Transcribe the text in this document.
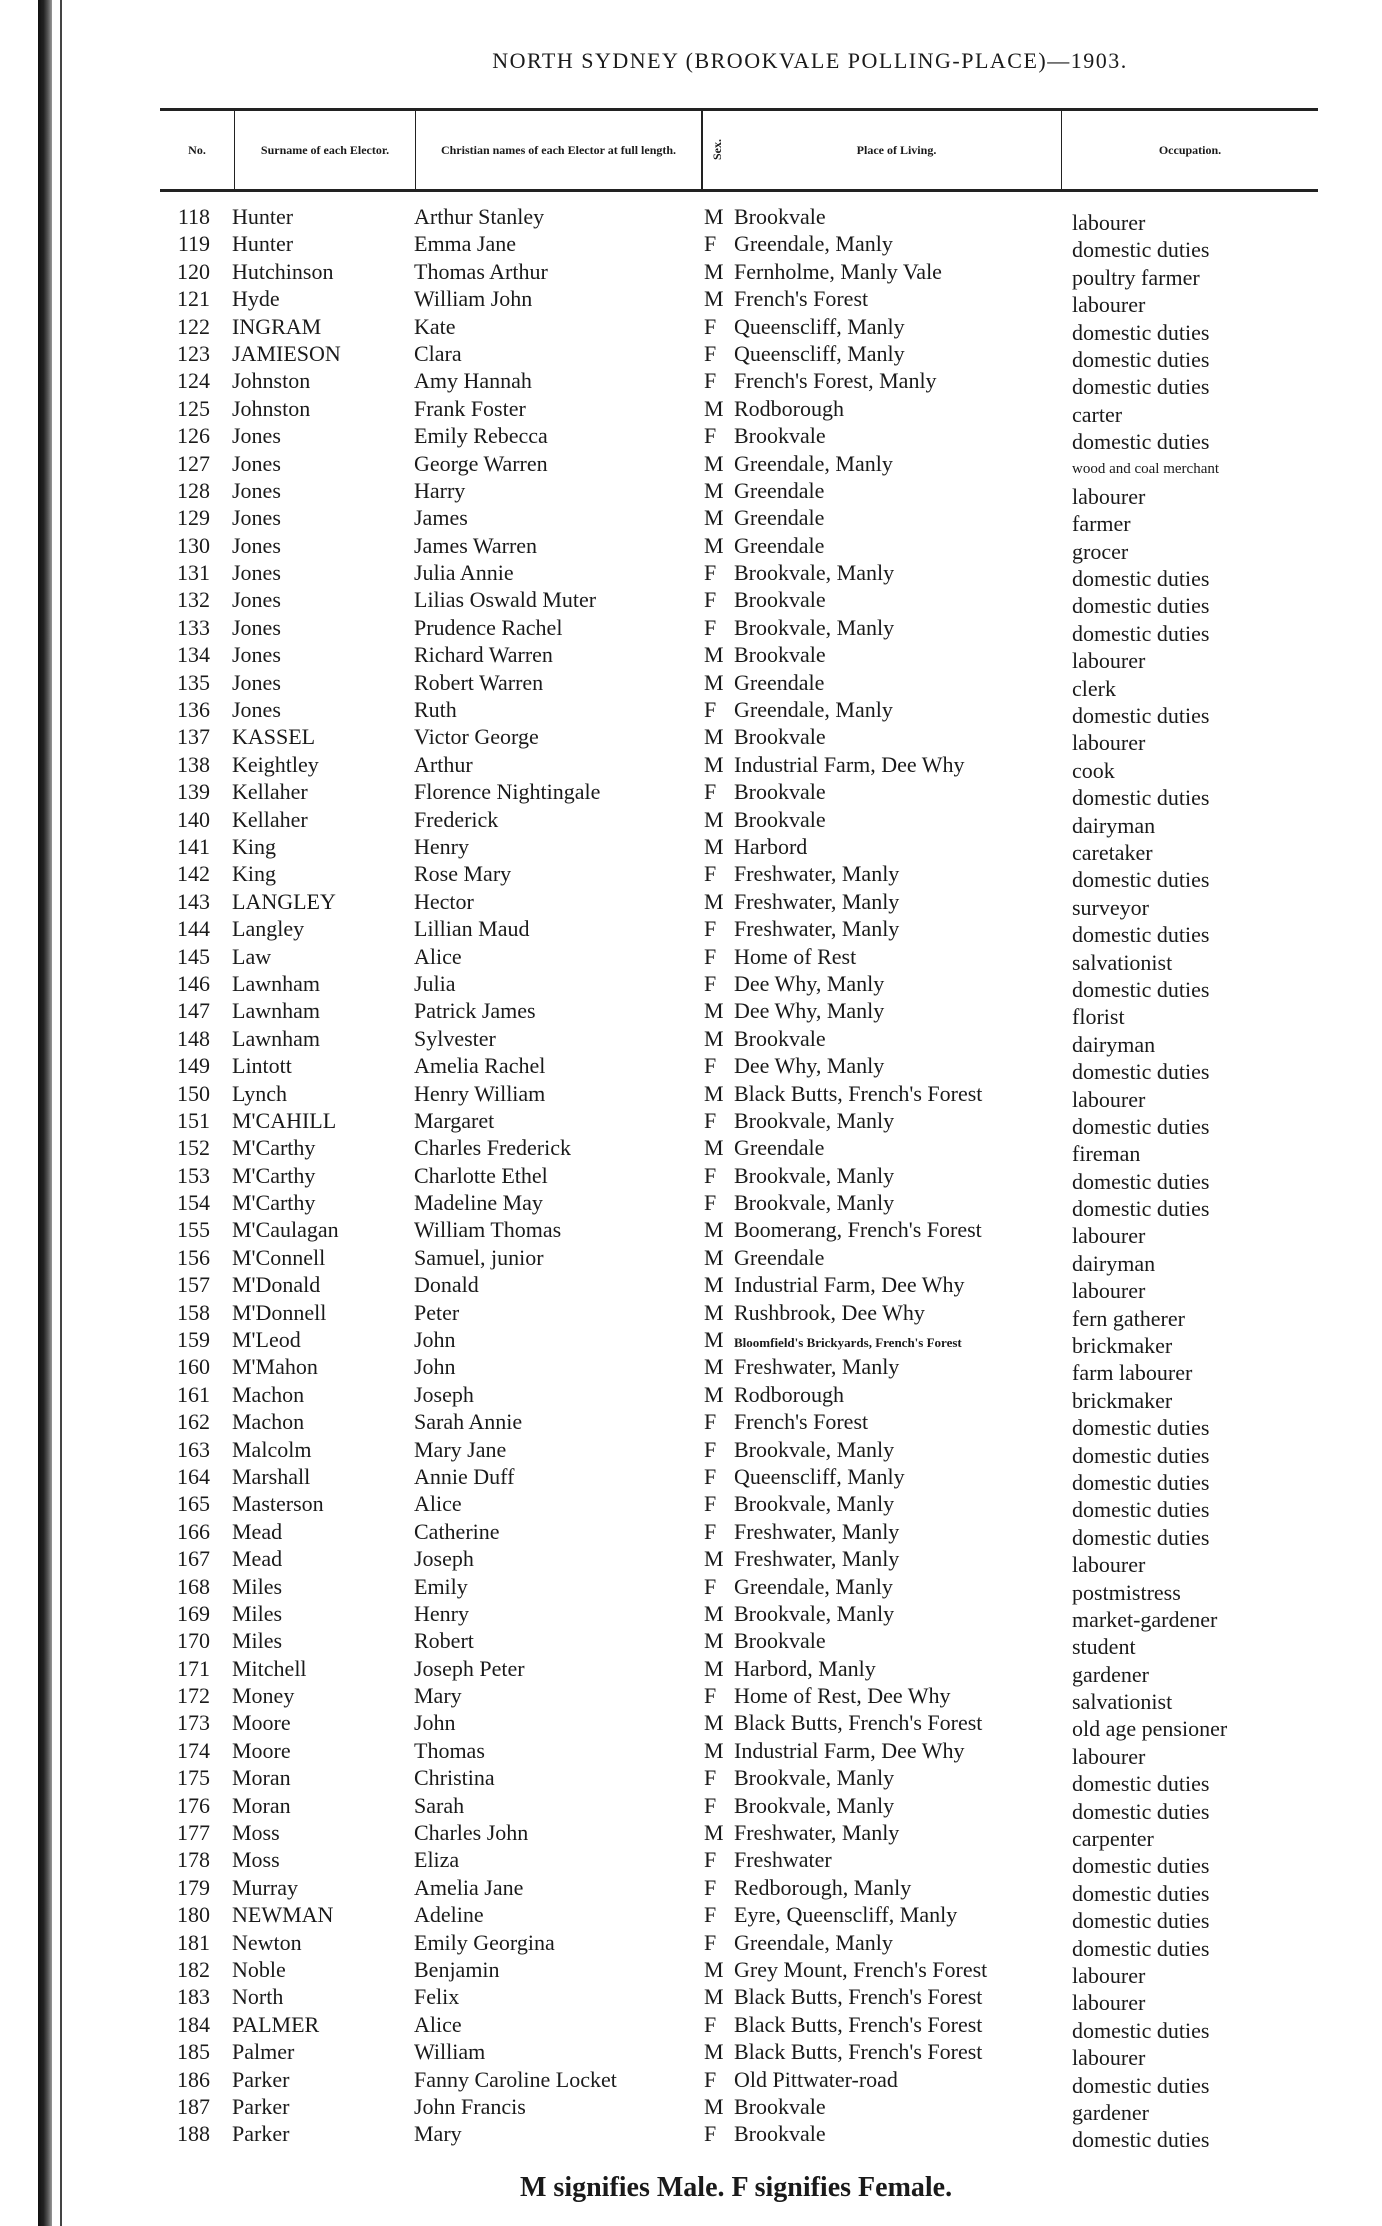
NORTH SYDNEY (BROOKVALE POLLING-PLACE)—1903.
No.	Surname of each Elector.	Christian names of each Elector at full length.	Sex.	Place of Living.	Occupation.
118 Hunter	Arthur Stanley	M Brookvale	labourer
119 Hunter	Emma Jane	F Greendale, Manly	domestic duties
120 Hutchinson	Thomas Arthur	M Fernholme, Manly Vale	poultry farmer
121 Hyde	William John	M French's Forest	labourer
122 INGRAM	Kate	F Queenscliff, Manly	domestic duties
123 JAMIESON	Clara	F Queenscliff, Manly	domestic duties
124 Johnston	Amy Hannah	F French's Forest, Manly	domestic duties
125 Johnston	Frank Foster	M Rodborough	carter
126 Jones	Emily Rebecca	F Brookvale	domestic duties
127 Jones	George Warren	M Greendale, Manly	wood and coal merchant
128 Jones	Harry	M Greendale	labourer
129 Jones	James	M Greendale	farmer
130 Jones	James Warren	M Greendale	grocer
131 Jones	Julia Annie	F Brookvale, Manly	domestic duties
132 Jones	Lilias Oswald Muter	F Brookvale	domestic duties
133 Jones	Prudence Rachel	F Brookvale, Manly	domestic duties
134 Jones	Richard Warren	M Brookvale	labourer
135 Jones	Robert Warren	M Greendale	clerk
136 Jones	Ruth	F Greendale, Manly	domestic duties
137 KASSEL	Victor George	M Brookvale	labourer
138 Keightley	Arthur	M Industrial Farm, Dee Why	cook
139 Kellaher	Florence Nightingale	F Brookvale	domestic duties
140 Kellaher	Frederick	M Brookvale	dairyman
141 King	Henry	M Harbord	caretaker
142 King	Rose Mary	F Freshwater, Manly	domestic duties
143 LANGLEY	Hector	M Freshwater, Manly	surveyor
144 Langley	Lillian Maud	F Freshwater, Manly	domestic duties
145 Law	Alice	F Home of Rest	salvationist
146 Lawnham	Julia	F Dee Why, Manly	domestic duties
147 Lawnham	Patrick James	M Dee Why, Manly	florist
148 Lawnham	Sylvester	M Brookvale	dairyman
149 Lintott	Amelia Rachel	F Dee Why, Manly	domestic duties
150 Lynch	Henry William	M Black Butts, French's Forest	labourer
151 M'CAHILL	Margaret	F Brookvale, Manly	domestic duties
152 M'Carthy	Charles Frederick	M Greendale	fireman
153 M'Carthy	Charlotte Ethel	F Brookvale, Manly	domestic duties
154 M'Carthy	Madeline May	F Brookvale, Manly	domestic duties
155 M'Caulagan	William Thomas	M Boomerang, French's Forest	labourer
156 M'Connell	Samuel, junior	M Greendale	dairyman
157 M'Donald	Donald	M Industrial Farm, Dee Why	labourer
158 M'Donnell	Peter	M Rushbrook, Dee Why	fern gatherer
159 M'Leod	John	M Bloomfield's Brickyards, French's Forest	brickmaker
160 M'Mahon	John	M Freshwater, Manly	farm labourer
161 Machon	Joseph	M Rodborough	brickmaker
162 Machon	Sarah Annie	F French's Forest	domestic duties
163 Malcolm	Mary Jane	F Brookvale, Manly	domestic duties
164 Marshall	Annie Duff	F Queenscliff, Manly	domestic duties
165 Masterson	Alice	F Brookvale, Manly	domestic duties
166 Mead	Catherine	F Freshwater, Manly	domestic duties
167 Mead	Joseph	M Freshwater, Manly	labourer
168 Miles	Emily	F Greendale, Manly	postmistress
169 Miles	Henry	M Brookvale, Manly	market-gardener
170 Miles	Robert	M Brookvale	student
171 Mitchell	Joseph Peter	M Harbord, Manly	gardener
172 Money	Mary	F Home of Rest, Dee Why	salvationist
173 Moore	John	M Black Butts, French's Forest	old age pensioner
174 Moore	Thomas	M Industrial Farm, Dee Why	labourer
175 Moran	Christina	F Brookvale, Manly	domestic duties
176 Moran	Sarah	F Brookvale, Manly	domestic duties
177 Moss	Charles John	M Freshwater, Manly	carpenter
178 Moss	Eliza	F Freshwater	domestic duties
179 Murray	Amelia Jane	F Redborough, Manly	domestic duties
180 NEWMAN	Adeline	F Eyre, Queenscliff, Manly	domestic duties
181 Newton	Emily Georgina	F Greendale, Manly	domestic duties
182 Noble	Benjamin	M Grey Mount, French's Forest	labourer
183 North	Felix	M Black Butts, French's Forest	labourer
184 PALMER	Alice	F Black Butts, French's Forest	domestic duties
185 Palmer	William	M Black Butts, French's Forest	labourer
186 Parker	Fanny Caroline Locket	F Old Pittwater-road	domestic duties
187 Parker	John Francis	M Brookvale	gardener
188 Parker	Mary	F Brookvale	domestic duties
M signifies Male. F signifies Female.
